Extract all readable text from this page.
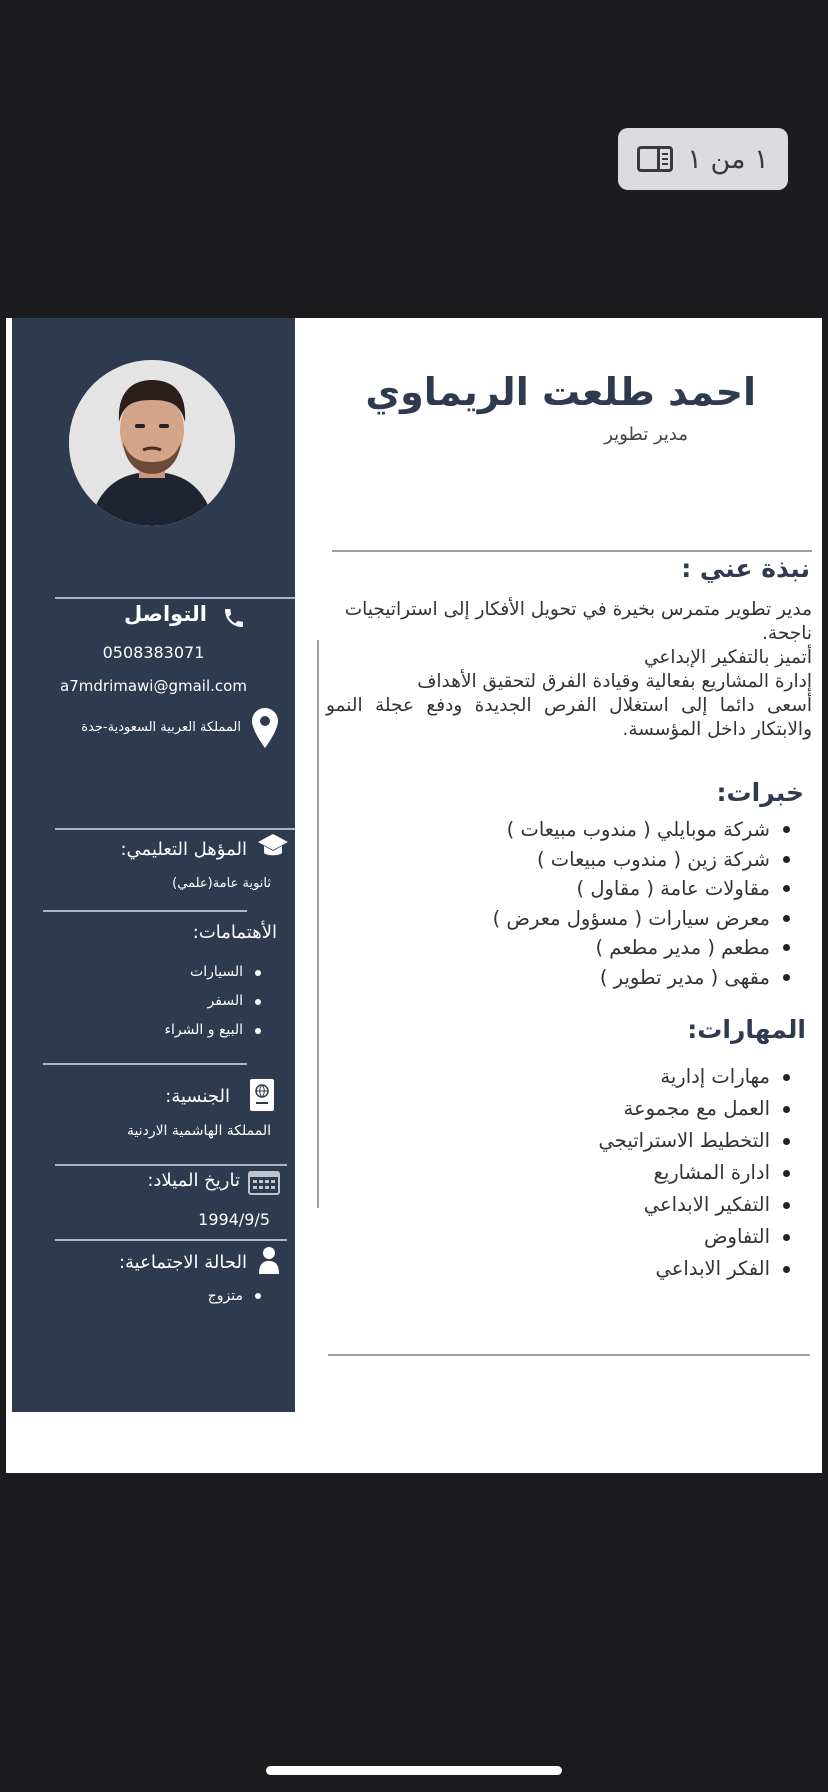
١ من ١
التواصل
0508383071
a7mdrimawi@gmail.com
المملكة العربية السعودية-جدة
المؤهل التعليمي:
ثانوية عامة(علمي)
الأهتمامات:
السيارات
السفر
البيع و الشراء
الجنسية:
المملكة الهاشمية الاردنية
تاريخ الميلاد:
1994/9/5
الحالة الاجتماعية:
متزوج
احمد طلعت الريماوي
مدير تطوير
نبذة عني :
مدير تطوير متمرس بخيرة في تحويل الأفكار إلى استراتيجيات ناجحة.
أتميز بالتفكير الإبداعي
إدارة المشاريع بفعالية وقيادة الفرق لتحقيق الأهداف
أسعى دائما إلى استغلال الفرص الجديدة ودفع عجلة النمو والابتكار داخل المؤسسة.
خبرات:
شركة موبايلي ( مندوب مبيعات )
شركة زين ( مندوب مبيعات )
مقاولات عامة ( مقاول )
معرض سيارات ( مسؤول معرض )
مطعم ( مدير مطعم )
مقهى ( مدير تطوير )
المهارات:
مهارات إدارية
العمل مع مجموعة
التخطيط الاستراتيجي
ادارة المشاريع
التفكير الابداعي
التفاوض
الفكر الابداعي
